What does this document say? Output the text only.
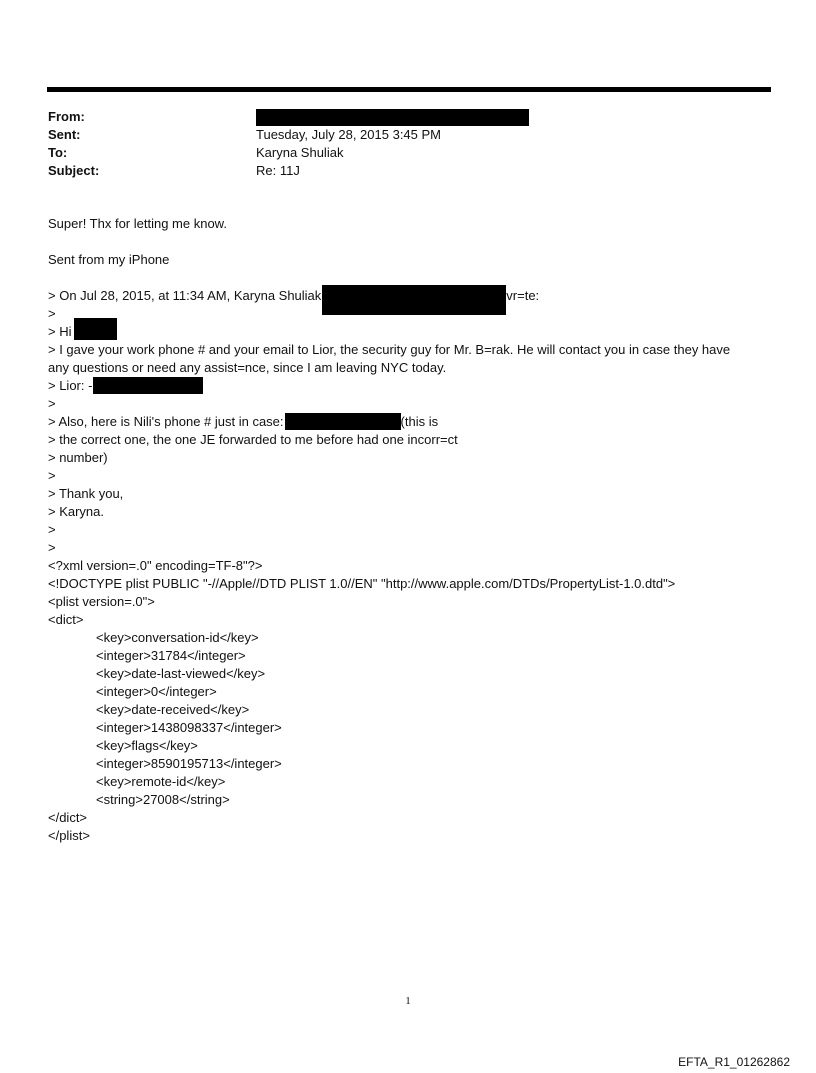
From:
Sent:	Tuesday, July 28, 2015 3:45 PM
To:	Karyna Shuliak
Subject:	Re: 11J
Super! Thx for letting me know.
Sent from my iPhone
> On Jul 28, 2015, at 11:34 AM, Karyna Shuliak	vr=te:
>
> Hi
> I gave your work phone # and your email to Lior, the security guy for Mr. B=rak. He will contact you in case they have
any questions or need any assist=nce, since I am leaving NYC today.
> Lior: -
>
> Also, here is Nili's phone # just in case:	(this is
> the correct one, the one JE forwarded to me before had one incorr=ct
> number)
>
> Thank you,
> Karyna.
>
>
<?xml version=.0" encoding=TF-8"?>
<!DOCTYPE plist PUBLIC "-//Apple//DTD PLIST 1.0//EN" "http://www.apple.com/DTDs/PropertyList-1.0.dtd">
<plist version=.0">
<dict>
<key>conversation-id</key>
<integer>31784</integer>
<key>date-last-viewed</key>
<integer>0</integer>
<key>date-received</key>
<integer>1438098337</integer>
<key>flags</key>
<integer>8590195713</integer>
<key>remote-id</key>
<string>27008</string>
</dict>
</plist>
1
EFTA_R1_01262862
